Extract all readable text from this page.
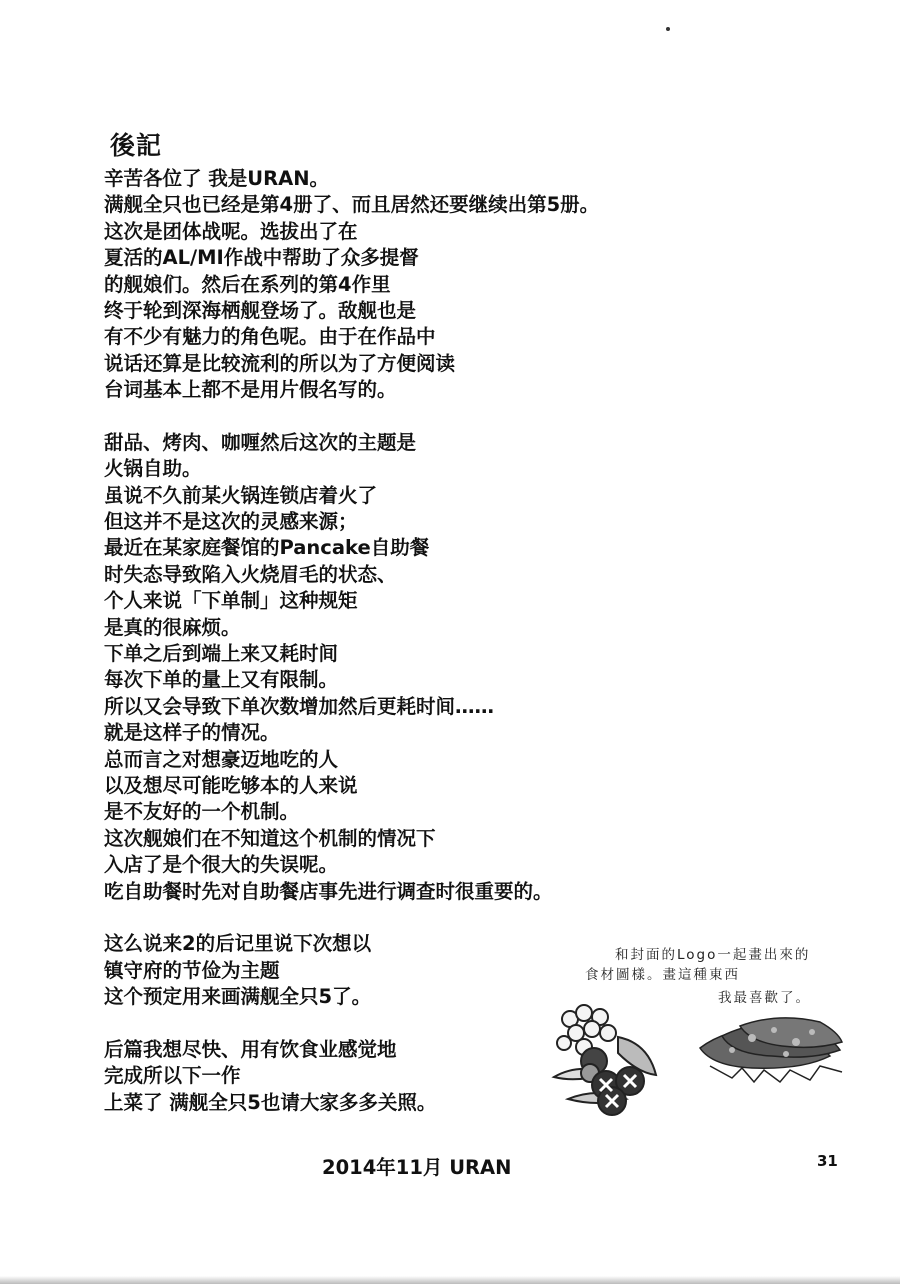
後記
辛苦各位了 我是URAN。
满舰全只也已经是第4册了、而且居然还要继续出第5册。
这次是团体战呢。选拔出了在
夏活的AL/MI作战中帮助了众多提督
的舰娘们。然后在系列的第4作里
终于轮到深海栖舰登场了。敌舰也是
有不少有魅力的角色呢。由于在作品中
说话还算是比较流利的所以为了方便阅读
台词基本上都不是用片假名写的。
甜品、烤肉、咖喱然后这次的主题是
火锅自助。
虽说不久前某火锅连锁店着火了
但这并不是这次的灵感来源；
最近在某家庭餐馆的Pancake自助餐
时失态导致陷入火烧眉毛的状态、
个人来说「下单制」这种规矩
是真的很麻烦。
下单之后到端上来又耗时间
每次下单的量上又有限制。
所以又会导致下单次数增加然后更耗时间……
就是这样子的情况。
总而言之对想豪迈地吃的人
以及想尽可能吃够本的人来说
是不友好的一个机制。
这次舰娘们在不知道这个机制的情况下
入店了是个很大的失误呢。
吃自助餐时先对自助餐店事先进行调查时很重要的。
这么说来2的后记里说下次想以
镇守府的节俭为主题
这个预定用来画满舰全只5了。
后篇我想尽快、用有饮食业感觉地
完成所以下一作
上菜了 满舰全只5也请大家多多关照。
和封面的Logo一起畫出來的
食材圖樣。畫這種東西
我最喜歡了。
2014年11月 URAN	31
